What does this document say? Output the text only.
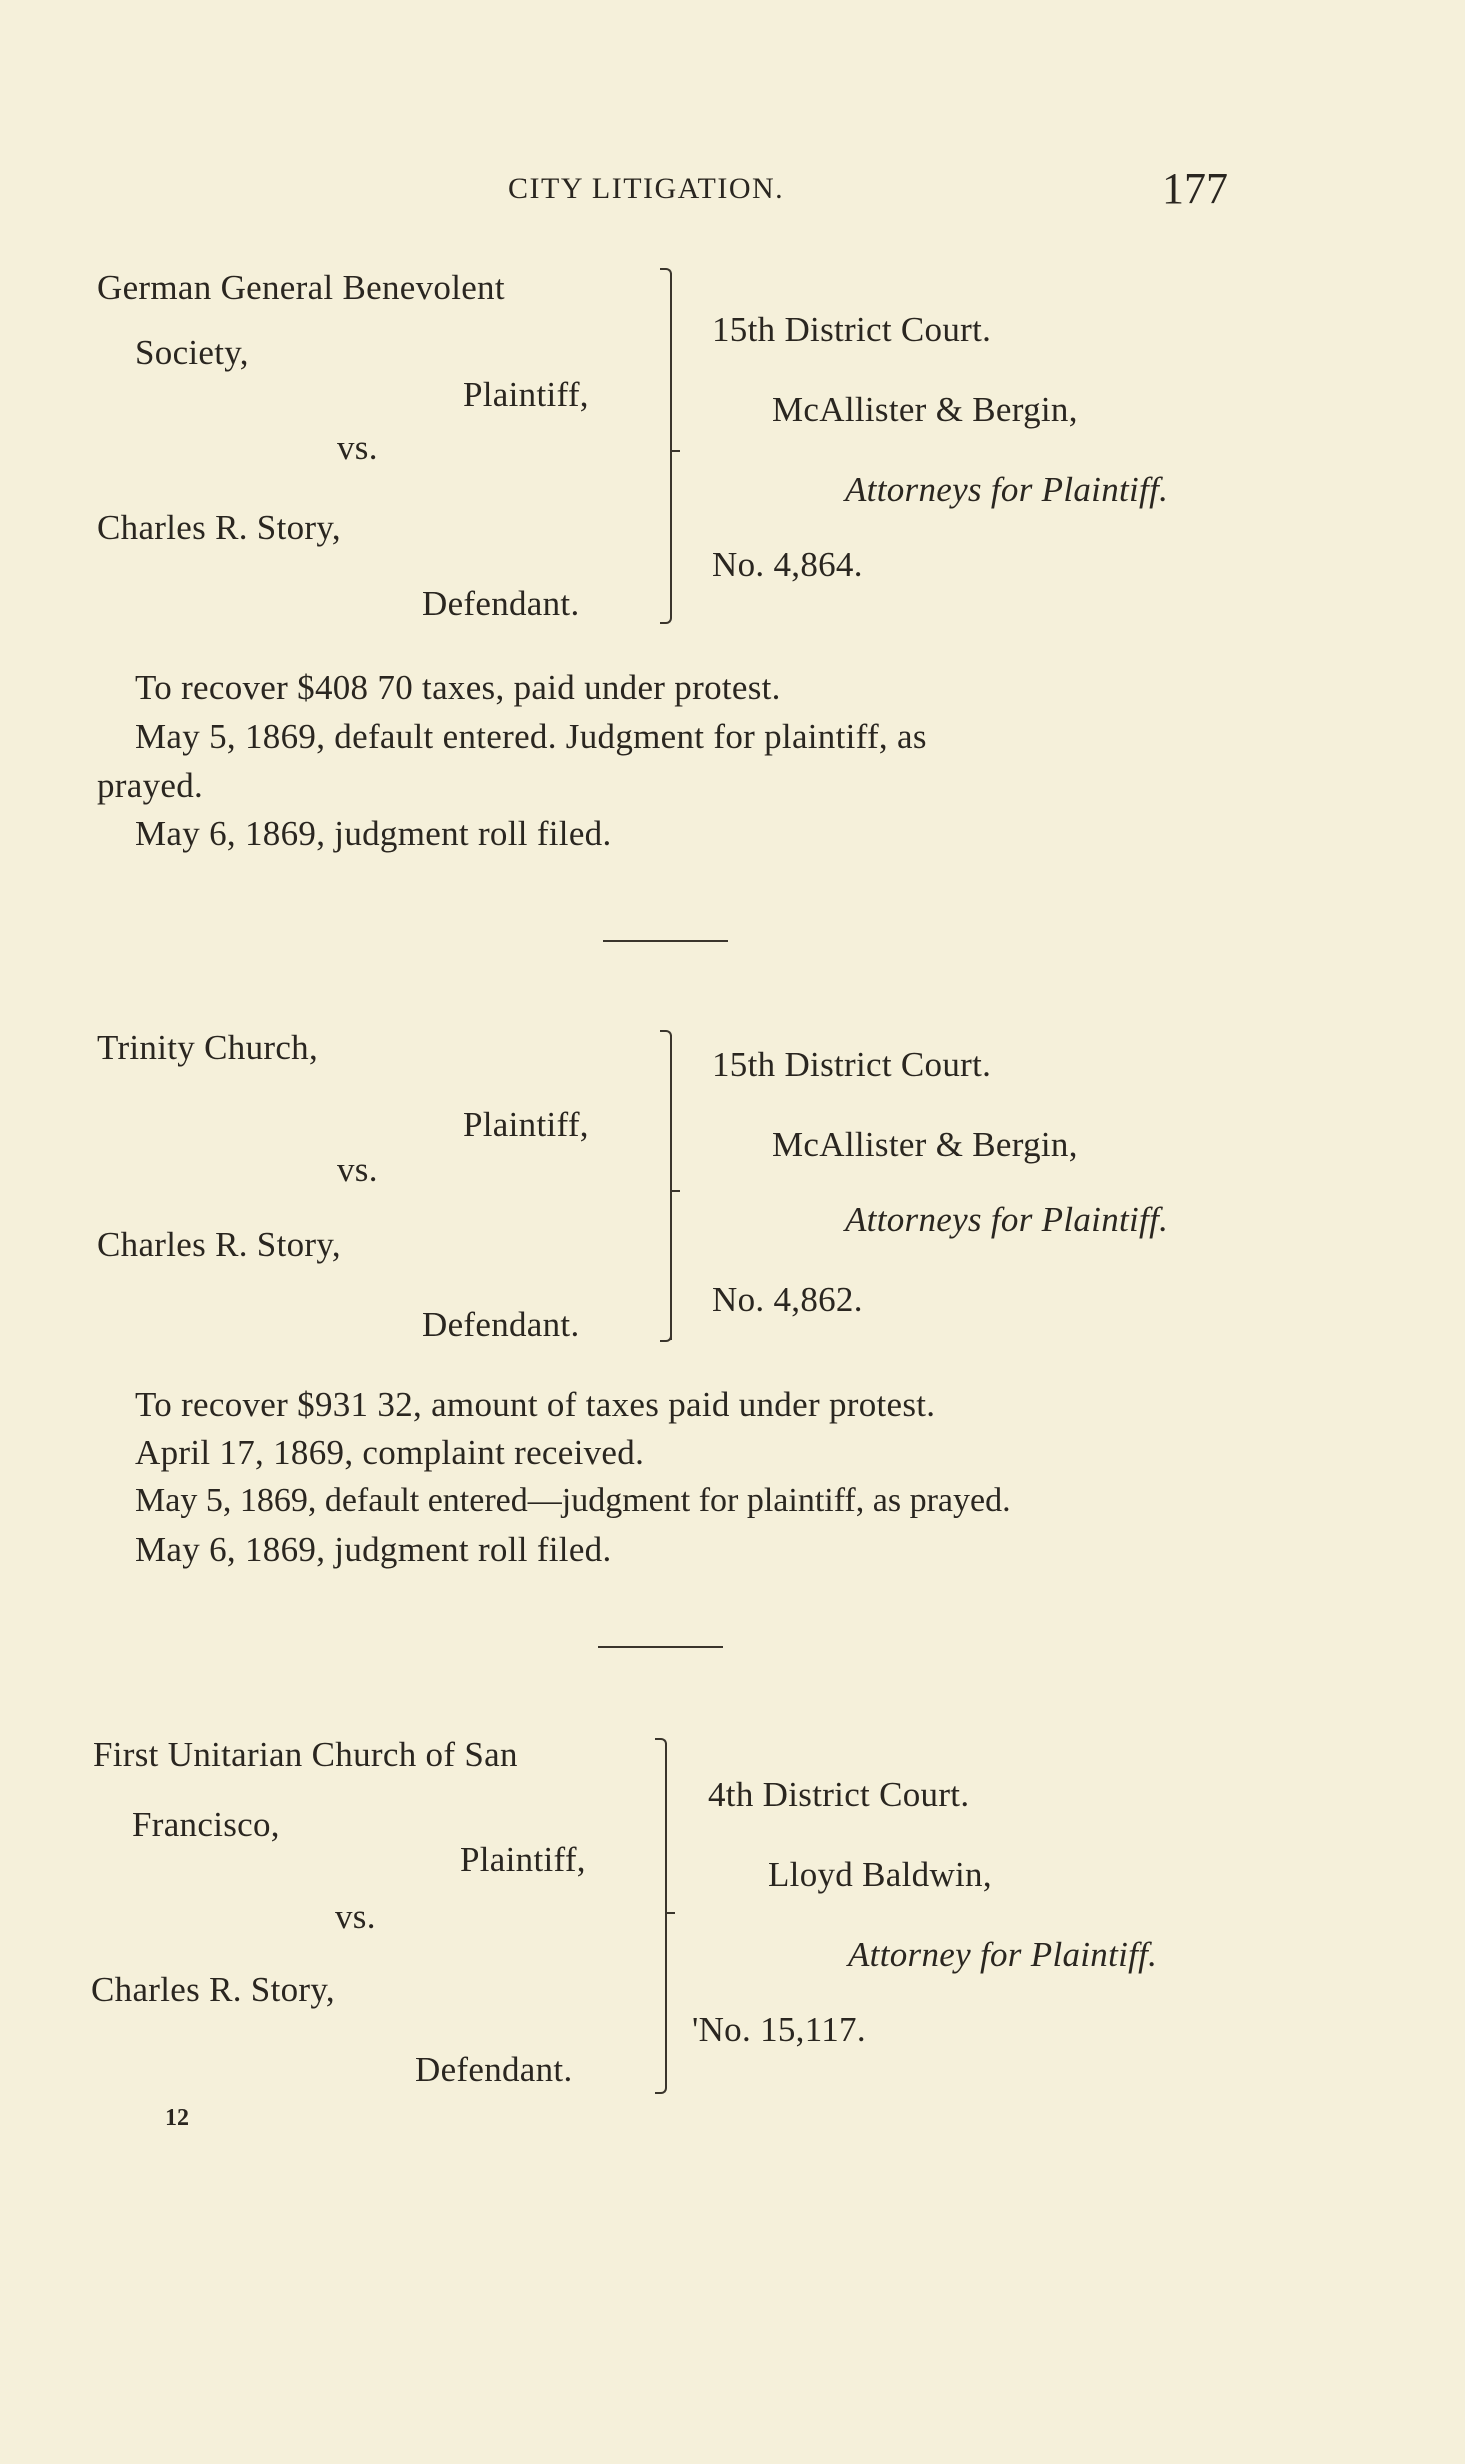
CITY LITIGATION.	177
German General Benevolent
Society,
Plaintiff,
vs.
Charles R. Story,
Defendant.
15th District Court.
McAllister & Bergin,
Attorneys for Plaintiff.
No. 4,864.
To recover $408 70 taxes, paid under protest.
May 5, 1869, default entered. Judgment for plaintiff, as
prayed.
May 6, 1869, judgment roll filed.
Trinity Church,
Plaintiff,
vs.
Charles R. Story,
Defendant.
15th District Court.
McAllister & Bergin,
Attorneys for Plaintiff.
No. 4,862.
To recover $931 32, amount of taxes paid under protest.
April 17, 1869, complaint received.
May 5, 1869, default entered—judgment for plaintiff, as prayed.
May 6, 1869, judgment roll filed.
First Unitarian Church of San
Francisco,
Plaintiff,
vs.
Charles R. Story,
Defendant.
4th District Court.
Lloyd Baldwin,
Attorney for Plaintiff.
'No. 15,117.
12
